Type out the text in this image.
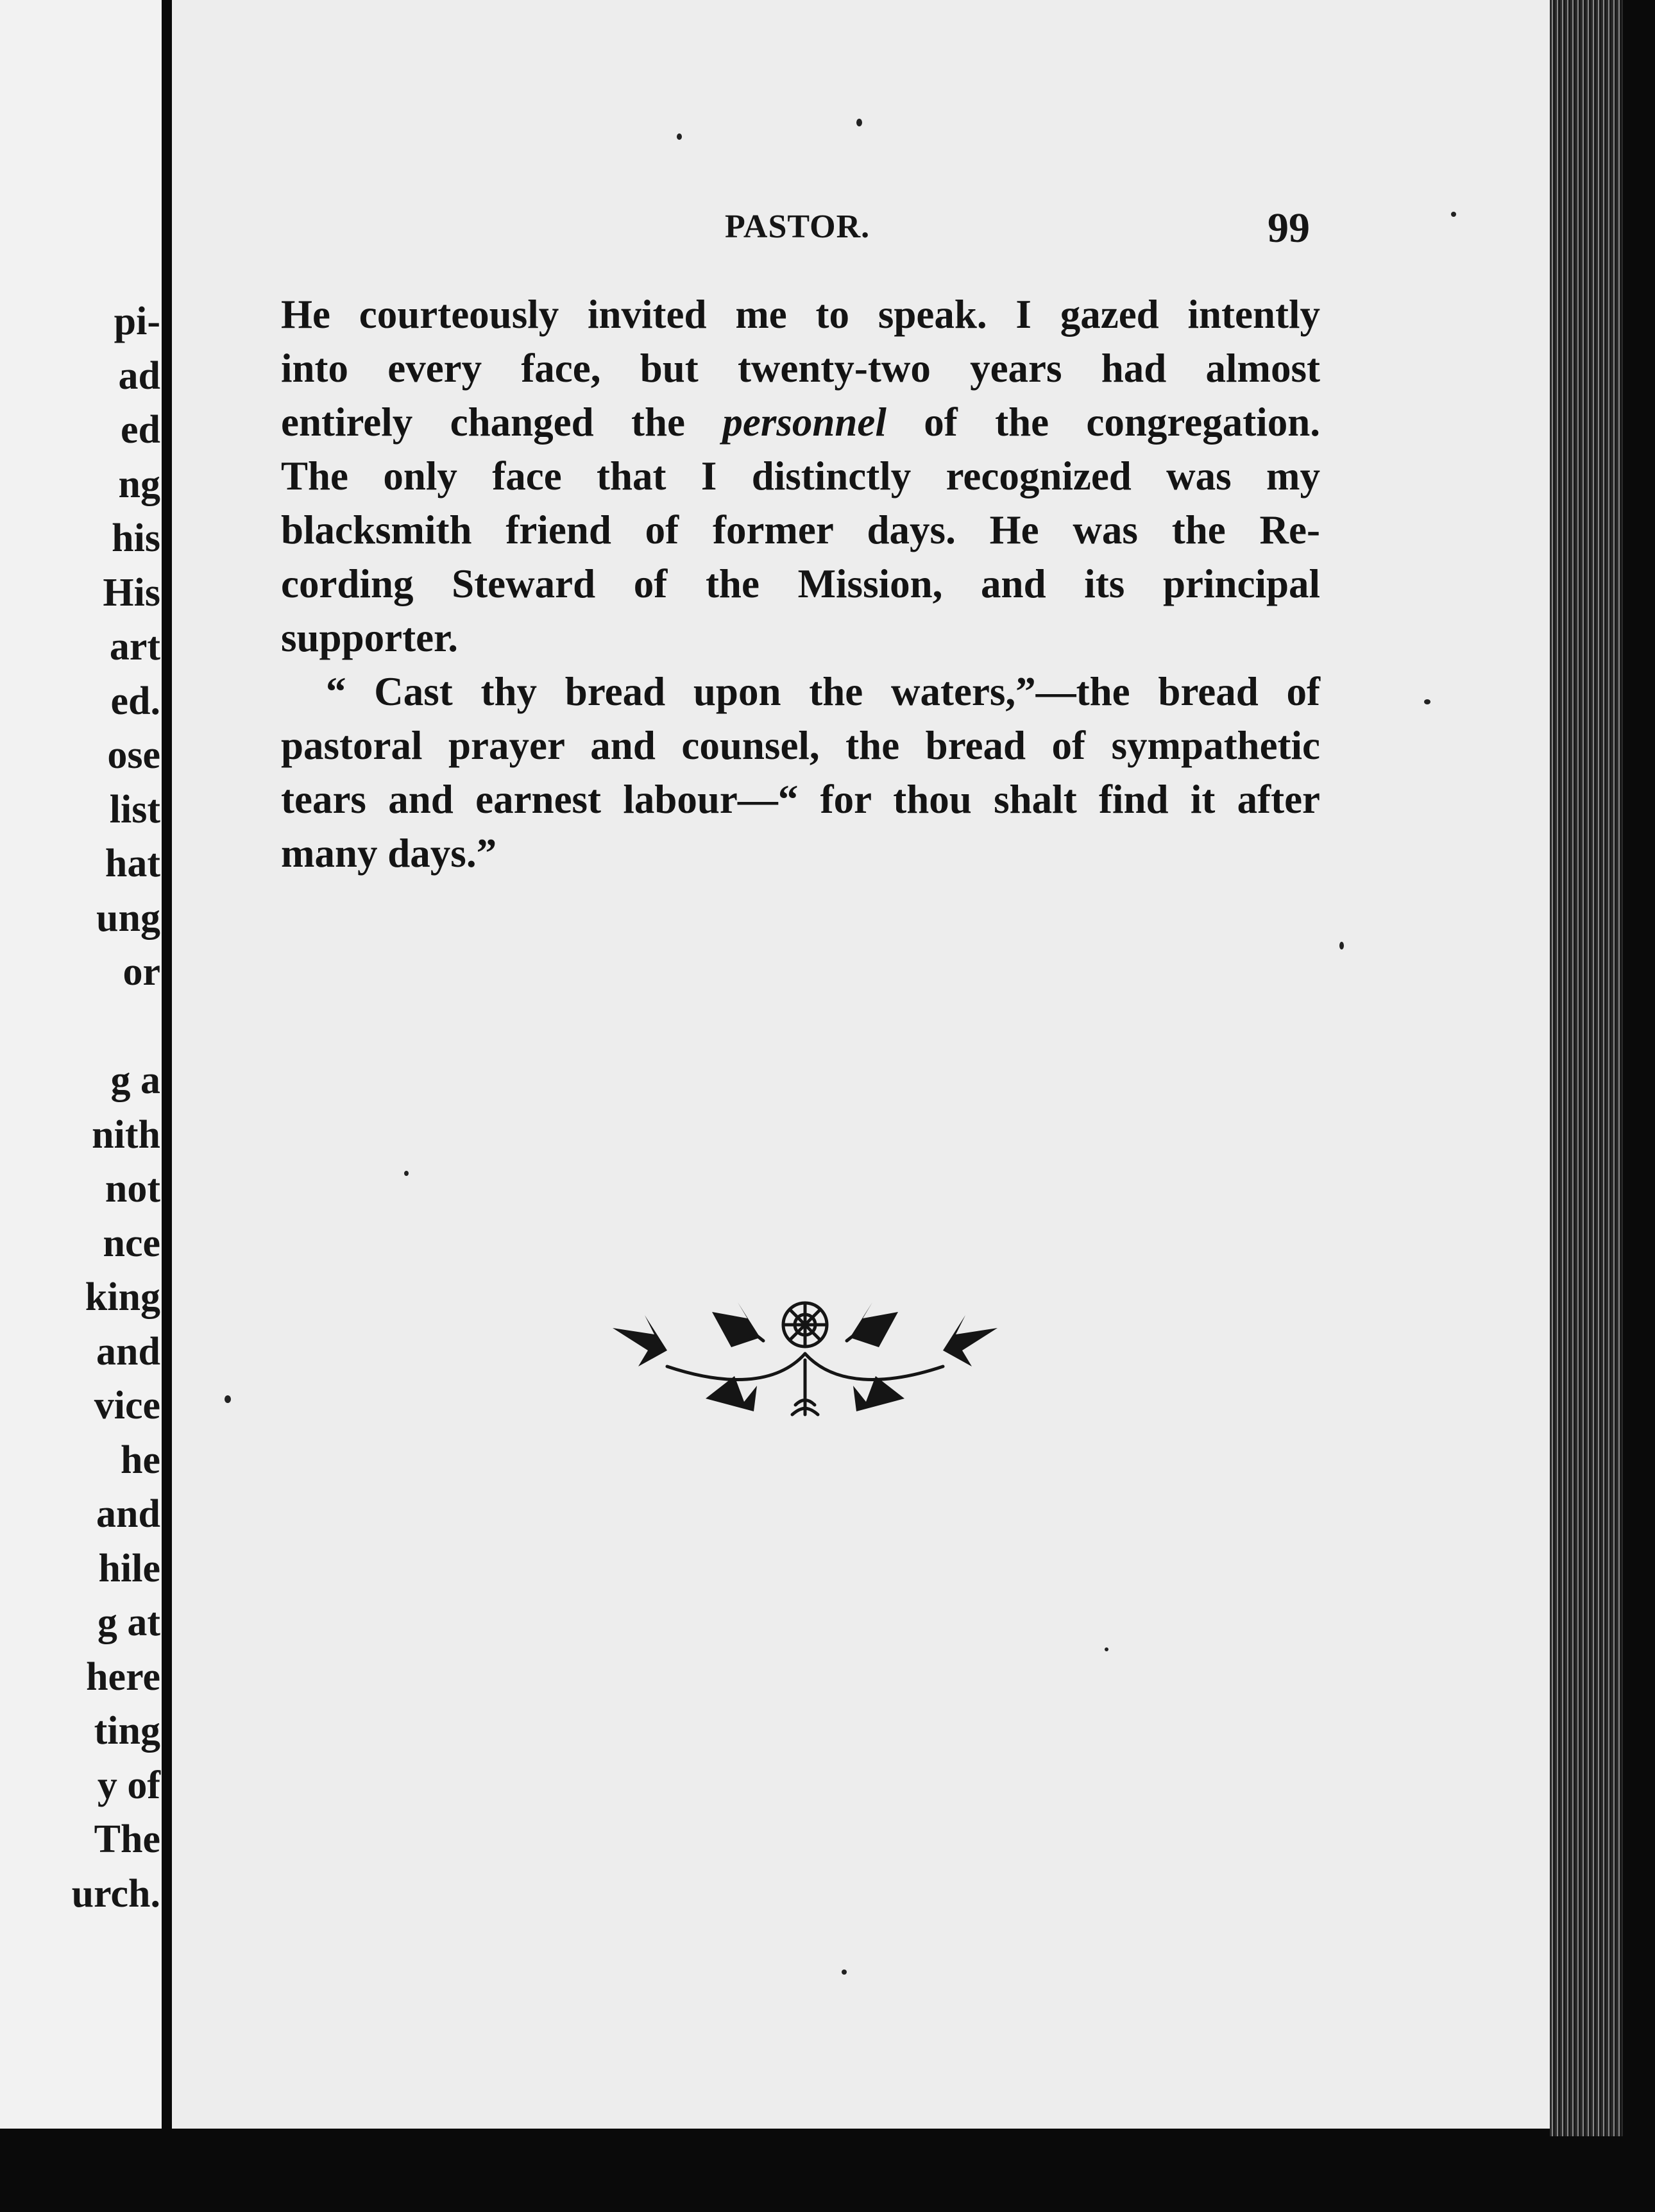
pi-
ad
ed
ng
his
His
art
ed.
ose
list
hat
ung
or
g a
nith
not
nce
king
and
vice
he
and
hile
g at
here
ting
y of
The
urch.
PASTOR.	99
He courteously invited me to speak. I gazed intently
into every face, but twenty-two years had almost
entirely changed the personnel of the congregation.
The only face that I distinctly recognized was my
blacksmith friend of former days. He was the Re-
cording Steward of the Mission, and its principal
supporter.
“ Cast thy bread upon the waters,”—the bread of
pastoral prayer and counsel, the bread of sympathetic
tears and earnest labour—“ for thou shalt find it after
many days.”
